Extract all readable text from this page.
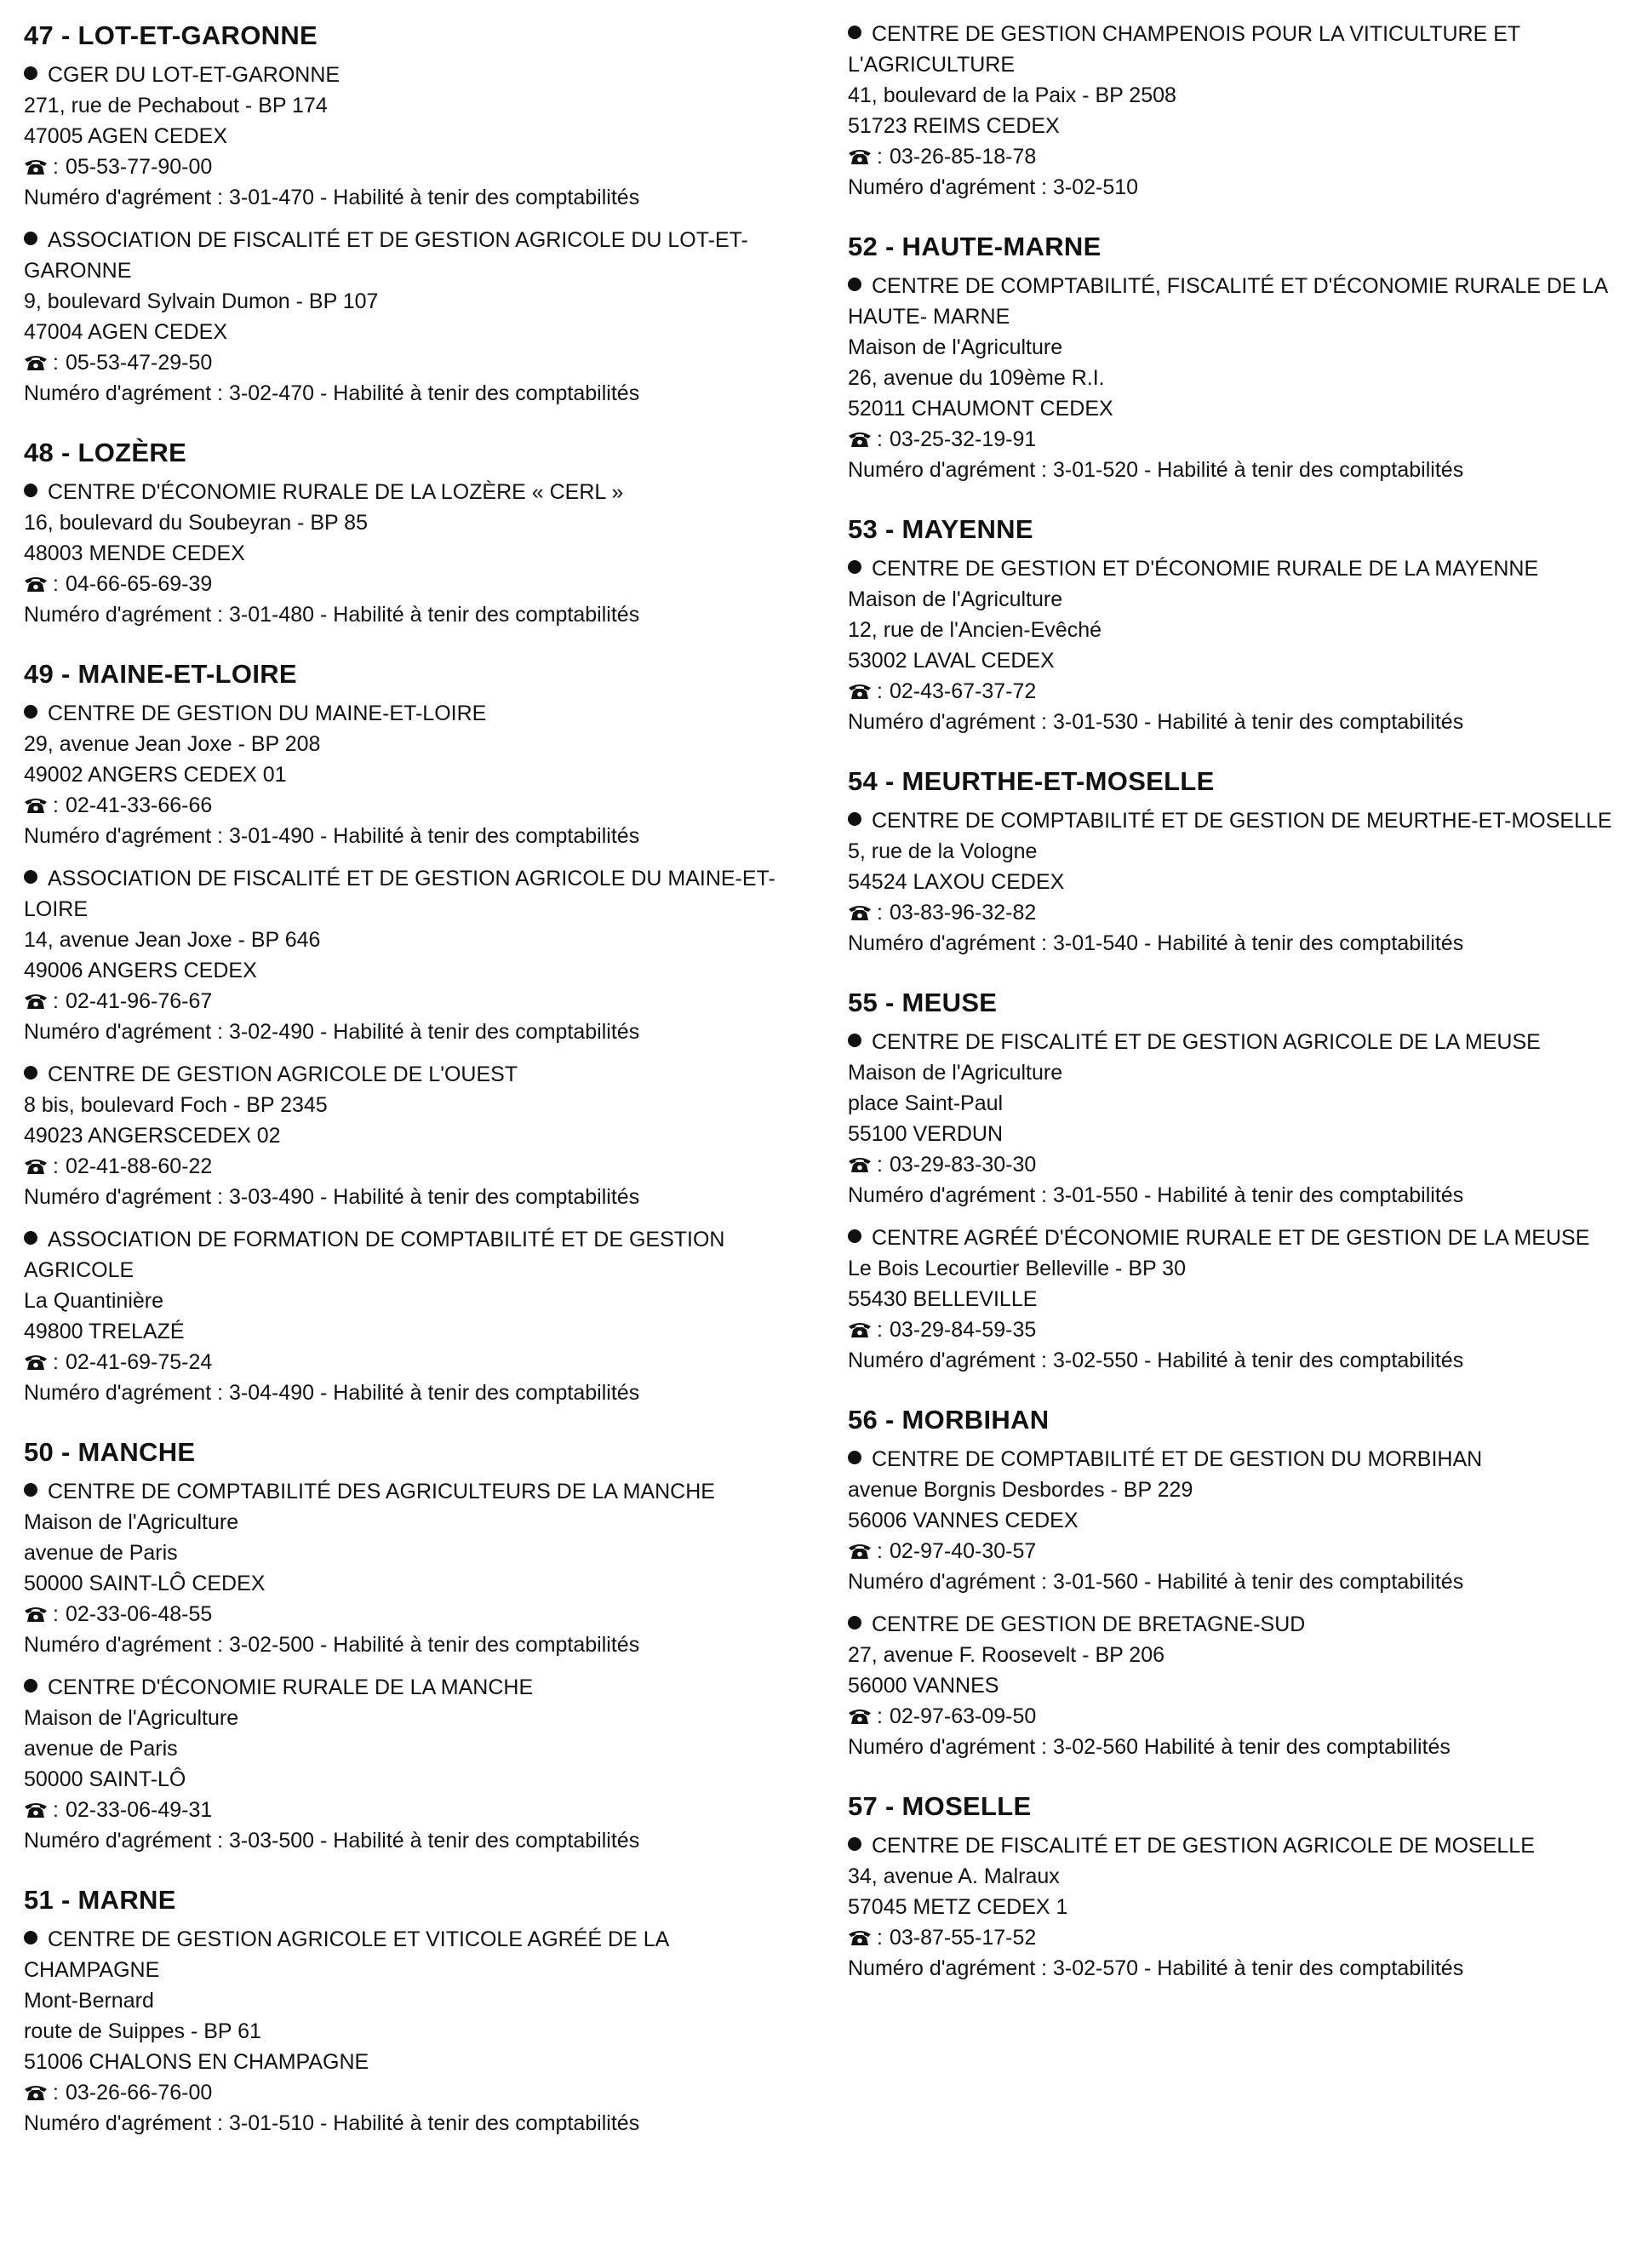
47 - LOT-ET-GARONNE
CGER DU LOT-ET-GARONNE
271, rue de Pechabout - BP 174
47005 AGEN CEDEX
: 05-53-77-90-00
Numéro d'agrément : 3-01-470 - Habilité à tenir des comptabilités
ASSOCIATION DE FISCALITÉ ET DE GESTION AGRICOLE DU LOT-ET-GARONNE
9, boulevard Sylvain Dumon - BP 107
47004 AGEN CEDEX
: 05-53-47-29-50
Numéro d'agrément : 3-02-470 - Habilité à tenir des comptabilités
48 - LOZÈRE
CENTRE D'ÉCONOMIE RURALE DE LA LOZÈRE « CERL »
16, boulevard du Soubeyran - BP 85
48003 MENDE CEDEX
: 04-66-65-69-39
Numéro d'agrément : 3-01-480 - Habilité à tenir des comptabilités
49 - MAINE-ET-LOIRE
CENTRE DE GESTION DU MAINE-ET-LOIRE
29, avenue Jean Joxe - BP 208
49002 ANGERS CEDEX 01
: 02-41-33-66-66
Numéro d'agrément : 3-01-490 - Habilité à tenir des comptabilités
ASSOCIATION DE FISCALITÉ ET DE GESTION AGRICOLE DU MAINE-ET-LOIRE
14, avenue Jean Joxe - BP 646
49006 ANGERS CEDEX
: 02-41-96-76-67
Numéro d'agrément : 3-02-490 - Habilité à tenir des comptabilités
CENTRE DE GESTION AGRICOLE DE L'OUEST
8 bis, boulevard Foch - BP 2345
49023 ANGERSCEDEX 02
: 02-41-88-60-22
Numéro d'agrément : 3-03-490 - Habilité à tenir des comptabilités
ASSOCIATION DE FORMATION DE COMPTABILITÉ ET DE GESTION AGRICOLE
La Quantinière
49800 TRELAZÉ
: 02-41-69-75-24
Numéro d'agrément : 3-04-490 - Habilité à tenir des comptabilités
50 - MANCHE
CENTRE DE COMPTABILITÉ DES AGRICULTEURS DE LA MANCHE
Maison de l'Agriculture
avenue de Paris
50000 SAINT-LÔ CEDEX
: 02-33-06-48-55
Numéro d'agrément : 3-02-500 - Habilité à tenir des comptabilités
CENTRE D'ÉCONOMIE RURALE DE LA MANCHE
Maison de l'Agriculture
avenue de Paris
50000 SAINT-LÔ
: 02-33-06-49-31
Numéro d'agrément : 3-03-500 - Habilité à tenir des comptabilités
51 - MARNE
CENTRE DE GESTION AGRICOLE ET VITICOLE AGRÉÉ DE LA CHAMPAGNE
Mont-Bernard
route de Suippes - BP 61
51006 CHALONS EN CHAMPAGNE
: 03-26-66-76-00
Numéro d'agrément : 3-01-510 - Habilité à tenir des comptabilités
CENTRE DE GESTION CHAMPENOIS POUR LA VITICULTURE ET L'AGRICULTURE
41, boulevard de la Paix - BP 2508
51723 REIMS CEDEX
: 03-26-85-18-78
Numéro d'agrément : 3-02-510
52 - HAUTE-MARNE
CENTRE DE COMPTABILITÉ, FISCALITÉ ET D'ÉCONOMIE RURALE DE LA HAUTE- MARNE
Maison de l'Agriculture
26, avenue du 109ème R.I.
52011 CHAUMONT CEDEX
: 03-25-32-19-91
Numéro d'agrément : 3-01-520 - Habilité à tenir des comptabilités
53 - MAYENNE
CENTRE DE GESTION ET D'ÉCONOMIE RURALE DE LA MAYENNE
Maison de l'Agriculture
12, rue de l'Ancien-Evêché
53002 LAVAL CEDEX
: 02-43-67-37-72
Numéro d'agrément : 3-01-530 - Habilité à tenir des comptabilités
54 - MEURTHE-ET-MOSELLE
CENTRE DE COMPTABILITÉ ET DE GESTION DE MEURTHE-ET-MOSELLE
5, rue de la Vologne
54524 LAXOU CEDEX
: 03-83-96-32-82
Numéro d'agrément : 3-01-540 - Habilité à tenir des comptabilités
55 - MEUSE
CENTRE DE FISCALITÉ ET DE GESTION AGRICOLE DE LA MEUSE
Maison de l'Agriculture
place Saint-Paul
55100 VERDUN
: 03-29-83-30-30
Numéro d'agrément : 3-01-550 - Habilité à tenir des comptabilités
CENTRE AGRÉÉ D'ÉCONOMIE RURALE ET DE GESTION DE LA MEUSE
Le Bois Lecourtier Belleville - BP 30
55430 BELLEVILLE
: 03-29-84-59-35
Numéro d'agrément : 3-02-550 - Habilité à tenir des comptabilités
56 - MORBIHAN
CENTRE DE COMPTABILITÉ ET DE GESTION DU MORBIHAN
avenue Borgnis Desbordes - BP 229
56006 VANNES CEDEX
: 02-97-40-30-57
Numéro d'agrément : 3-01-560 - Habilité à tenir des comptabilités
CENTRE DE GESTION DE BRETAGNE-SUD
27, avenue F. Roosevelt - BP 206
56000 VANNES
: 02-97-63-09-50
Numéro d'agrément : 3-02-560 Habilité à tenir des comptabilités
57 - MOSELLE
CENTRE DE FISCALITÉ ET DE GESTION AGRICOLE DE MOSELLE
34, avenue A. Malraux
57045 METZ CEDEX 1
: 03-87-55-17-52
Numéro d'agrément : 3-02-570 - Habilité à tenir des comptabilités
